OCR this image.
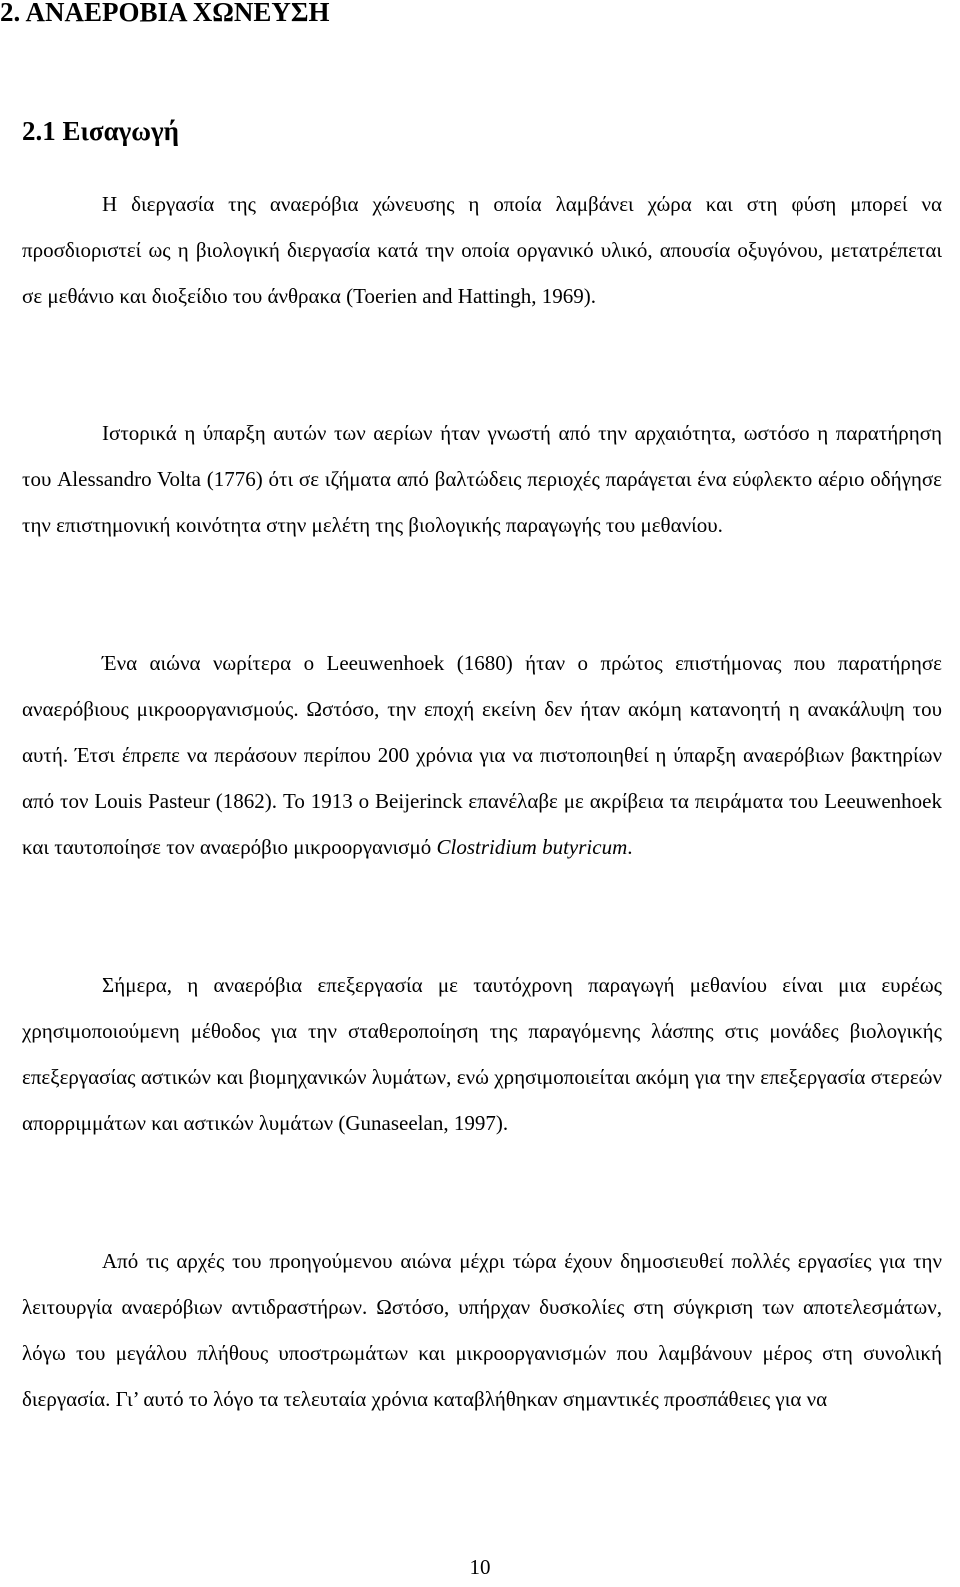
2. ΑΝΑΕΡΟΒΙΑ ΧΩΝΕΥΣΗ
2.1 Εισαγωγή

Η διεργασία της αναερόβια χώνευσης η οποία λαμβάνει χώρα και στη φύση μπορεί να προσδιοριστεί ως η βιολογική διεργασία κατά την οποία οργανικό υλικό, απουσία οξυγόνου, μετατρέπεται σε μεθάνιο και διοξείδιο του άνθρακα (Toerien and Hattingh, 1969).

Ιστορικά η ύπαρξη αυτών των αερίων ήταν γνωστή από την αρχαιότητα, ωστόσο η παρατήρηση του Alessandro Volta (1776) ότι σε ιζήματα από βαλτώδεις περιοχές παράγεται ένα εύφλεκτο αέριο οδήγησε την επιστημονική κοινότητα στην μελέτη της βιολογικής παραγωγής του μεθανίου.

Ένα αιώνα νωρίτερα ο Leeuwenhoek (1680) ήταν ο πρώτος επιστήμονας που παρατήρησε αναερόβιους μικροοργανισμούς. Ωστόσο, την εποχή εκείνη δεν ήταν ακόμη κατανοητή η ανακάλυψη του αυτή. Έτσι έπρεπε να περάσουν περίπου 200 χρόνια για να πιστοποιηθεί η ύπαρξη αναερόβιων βακτηρίων από τον Louis Pasteur (1862). Το 1913 ο Beijerinck επανέλαβε με ακρίβεια τα πειράματα του Leeuwenhoek και ταυτοποίησε τον αναερόβιο μικροοργανισμό Clostridium butyricum.

Σήμερα, η αναερόβια επεξεργασία με ταυτόχρονη παραγωγή μεθανίου είναι μια ευρέως χρησιμοποιούμενη μέθοδος για την σταθεροποίηση της παραγόμενης λάσπης στις μονάδες βιολογικής επεξεργασίας αστικών και βιομηχανικών λυμάτων, ενώ χρησιμοποιείται ακόμη για την επεξεργασία στερεών απορριμμάτων και αστικών λυμάτων (Gunaseelan, 1997).

Από τις αρχές του προηγούμενου αιώνα μέχρι τώρα έχουν δημοσιευθεί πολλές εργασίες για την λειτουργία αναερόβιων αντιδραστήρων. Ωστόσο, υπήρχαν δυσκολίες στη σύγκριση των αποτελεσμάτων, λόγω του μεγάλου πλήθους υποστρωμάτων και μικροοργανισμών που λαμβάνουν μέρος στη συνολική διεργασία. Γι’ αυτό το λόγο τα τελευταία χρόνια καταβλήθηκαν σημαντικές προσπάθειες για να

10
